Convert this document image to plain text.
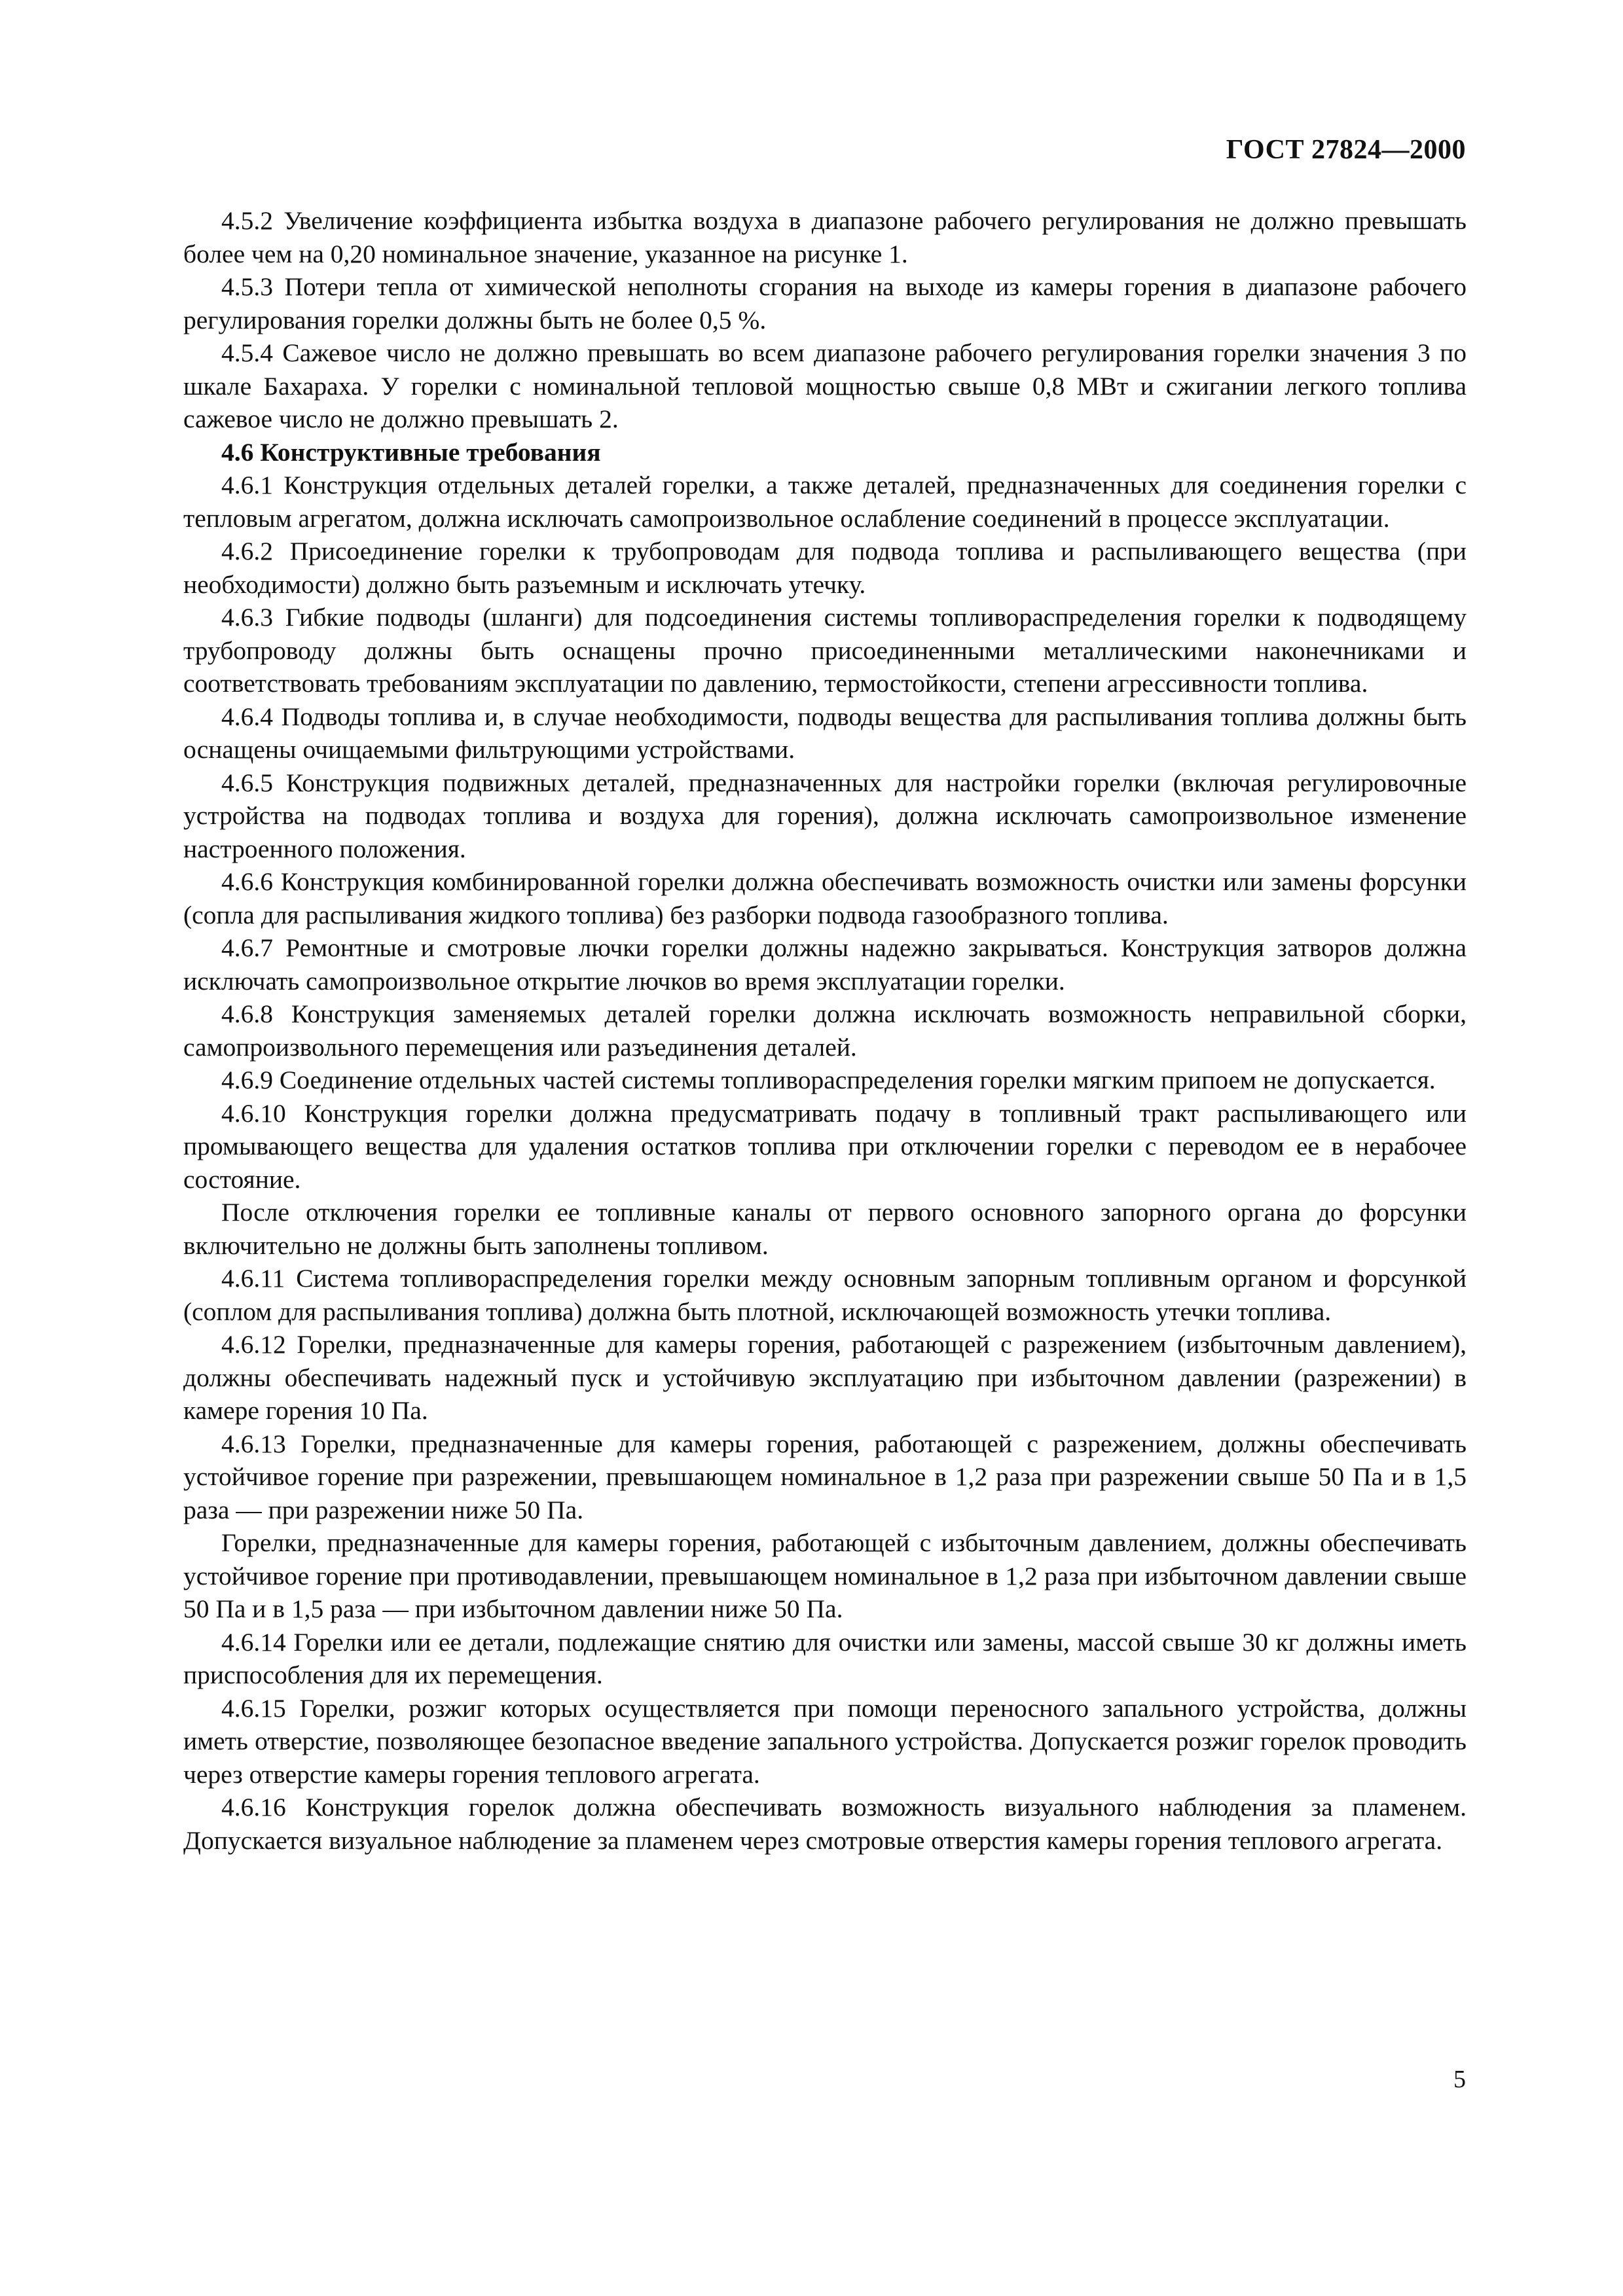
ГОСТ 27824—2000

4.5.2 Увеличение коэффициента избытка воздуха в диапазоне рабочего регулирования не должно превышать более чем на 0,20 номинальное значение, указанное на рисунке 1.

4.5.3 Потери тепла от химической неполноты сгорания на выходе из камеры горения в диапазоне рабочего регулирования горелки должны быть не более 0,5 %.

4.5.4 Сажевое число не должно превышать во всем диапазоне рабочего регулирования горелки значения 3 по шкале Бахараха. У горелки с номинальной тепловой мощностью свыше 0,8 МВт и сжигании легкого топлива сажевое число не должно превышать 2.

4.6 Конструктивные требования

4.6.1 Конструкция отдельных деталей горелки, а также деталей, предназначенных для соединения горелки с тепловым агрегатом, должна исключать самопроизвольное ослабление соединений в процессе эксплуатации.

4.6.2 Присоединение горелки к трубопроводам для подвода топлива и распыливающего вещества (при необходимости) должно быть разъемным и исключать утечку.

4.6.3 Гибкие подводы (шланги) для подсоединения системы топливораспределения горелки к подводящему трубопроводу должны быть оснащены прочно присоединенными металлическими наконечниками и соответствовать требованиям эксплуатации по давлению, термостойкости, степени агрессивности топлива.

4.6.4 Подводы топлива и, в случае необходимости, подводы вещества для распыливания топлива должны быть оснащены очищаемыми фильтрующими устройствами.

4.6.5 Конструкция подвижных деталей, предназначенных для настройки горелки (включая регулировочные устройства на подводах топлива и воздуха для горения), должна исключать самопроизвольное изменение настроенного положения.

4.6.6 Конструкция комбинированной горелки должна обеспечивать возможность очистки или замены форсунки (сопла для распыливания жидкого топлива) без разборки подвода газообразного топлива.

4.6.7 Ремонтные и смотровые лючки горелки должны надежно закрываться. Конструкция затворов должна исключать самопроизвольное открытие лючков во время эксплуатации горелки.

4.6.8 Конструкция заменяемых деталей горелки должна исключать возможность неправильной сборки, самопроизвольного перемещения или разъединения деталей.

4.6.9 Соединение отдельных частей системы топливораспределения горелки мягким припоем не допускается.

4.6.10 Конструкция горелки должна предусматривать подачу в топливный тракт распыливающего или промывающего вещества для удаления остатков топлива при отключении горелки с переводом ее в нерабочее состояние.

После отключения горелки ее топливные каналы от первого основного запорного органа до форсунки включительно не должны быть заполнены топливом.

4.6.11 Система топливораспределения горелки между основным запорным топливным органом и форсункой (соплом для распыливания топлива) должна быть плотной, исключающей возможность утечки топлива.

4.6.12 Горелки, предназначенные для камеры горения, работающей с разрежением (избыточным давлением), должны обеспечивать надежный пуск и устойчивую эксплуатацию при избыточном давлении (разрежении) в камере горения 10 Па.

4.6.13 Горелки, предназначенные для камеры горения, работающей с разрежением, должны обеспечивать устойчивое горение при разрежении, превышающем номинальное в 1,2 раза при разрежении свыше 50 Па и в 1,5 раза — при разрежении ниже 50 Па.

Горелки, предназначенные для камеры горения, работающей с избыточным давлением, должны обеспечивать устойчивое горение при противодавлении, превышающем номинальное в 1,2 раза при избыточном давлении свыше 50 Па и в 1,5 раза — при избыточном давлении ниже 50 Па.

4.6.14 Горелки или ее детали, подлежащие снятию для очистки или замены, массой свыше 30 кг должны иметь приспособления для их перемещения.

4.6.15 Горелки, розжиг которых осуществляется при помощи переносного запального устройства, должны иметь отверстие, позволяющее безопасное введение запального устройства. Допускается розжиг горелок проводить через отверстие камеры горения теплового агрегата.

4.6.16 Конструкция горелок должна обеспечивать возможность визуального наблюдения за пламенем. Допускается визуальное наблюдение за пламенем через смотровые отверстия камеры горения теплового агрегата.

5
